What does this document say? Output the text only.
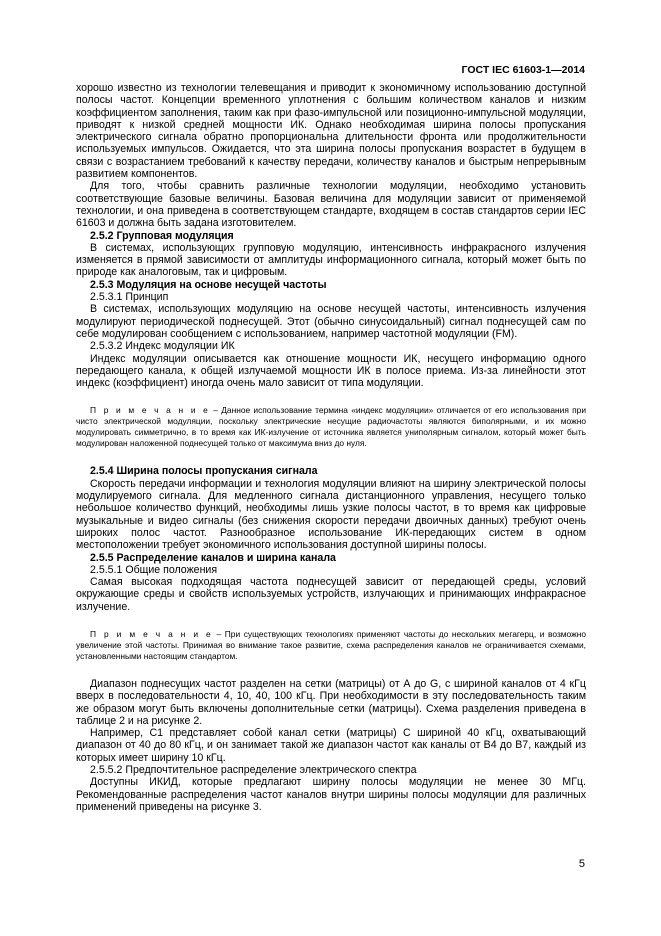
ГОСТ IEC 61603-1—2014

хорошо известно из технологии телевещания и приводит к экономичному использованию доступной полосы частот. Концепции временного уплотнения с большим количеством каналов и низким коэффициентом заполнения, таким как при фазо-импульсной или позиционно-импульсной модуляции, приводят к низкой средней мощности ИК. Однако необходимая ширина полосы пропускания электрического сигнала обратно пропорциональна длительности фронта или продолжительности используемых импульсов. Ожидается, что эта ширина полосы пропускания возрастет в будущем в связи с возрастанием требований к качеству передачи, количеству каналов и быстрым непрерывным развитием компонентов.

Для того, чтобы сравнить различные технологии модуляции, необходимо установить соответствующие базовые величины. Базовая величина для модуляции зависит от применяемой технологии, и она приведена в соответствующем стандарте, входящем в состав стандартов серии IEC 61603 и должна быть задана изготовителем.

2.5.2 Групповая модуляция

В системах, использующих групповую модуляцию, интенсивность инфракрасного излучения изменяется в прямой зависимости от амплитуды информационного сигнала, который может быть по природе как аналоговым, так и цифровым.

2.5.3 Модуляция на основе несущей частоты

2.5.3.1 Принцип

В системах, использующих модуляцию на основе несущей частоты, интенсивность излучения модулируют периодической поднесущей. Этот (обычно синусоидальный) сигнал поднесущей сам по себе модулирован сообщением с использованием, например частотной модуляции (FM).

2.5.3.2 Индекс модуляции ИК

Индекс модуляции описывается как отношение мощности ИК, несущего информацию одного передающего канала, к общей излучаемой мощности ИК в полосе приема. Из-за линейности этот индекс (коэффициент) иногда очень мало зависит от типа модуляции.

П р и м е ч а н и е – Данное использование термина «индекс модуляции» отличается от его использования при чисто электрической модуляции, поскольку электрические несущие радиочастоты являются биполярными, и их можно модулировать симметрично, в то время как ИК-излучение от источника является униполярным сигналом, который может быть модулирован наложенной поднесущей только от максимума вниз до нуля.

2.5.4 Ширина полосы пропускания сигнала

Скорость передачи информации и технология модуляции влияют на ширину электрической полосы модулируемого сигнала. Для медленного сигнала дистанционного управления, несущего только небольшое количество функций, необходимы лишь узкие полосы частот, в то время как цифровые музыкальные и видео сигналы (без снижения скорости передачи двоичных данных) требуют очень широких полос частот. Разнообразное использование ИК-передающих систем в одном местоположении требует экономичного использования доступной ширины полосы.

2.5.5 Распределение каналов и ширина канала

2.5.5.1 Общие положения

Самая высокая подходящая частота поднесущей зависит от передающей среды, условий окружающие среды и свойств используемых устройств, излучающих и принимающих инфракрасное излучение.

П р и м е ч а н и е – При существующих технологиях применяют частоты до нескольких мегагерц, и возможно увеличение этой частоты. Принимая во внимание такое развитие, схема распределения каналов не ограничивается схемами, установленными настоящим стандартом.

Диапазон поднесущих частот разделен на сетки (матрицы) от А до G, с шириной каналов от 4 кГц вверх в последовательности 4, 10, 40, 100 кГц. При необходимости в эту последовательность таким же образом могут быть включены дополнительные сетки (матрицы). Схема разделения приведена в таблице 2 и на рисунке 2.

Например, С1 представляет собой канал сетки (матрицы) С шириной 40 кГц, охватывающий диапазон от 40 до 80 кГц, и он занимает такой же диапазон частот как каналы от В4 до В7, каждый из которых имеет ширину 10 кГц.

2.5.5.2 Предпочтительное распределение электрического спектра

Доступны ИКИД, которые предлагают ширину полосы модуляции не менее 30 МГц. Рекомендованные распределения частот каналов внутри ширины полосы модуляции для различных применений приведены на рисунке 3.

5
